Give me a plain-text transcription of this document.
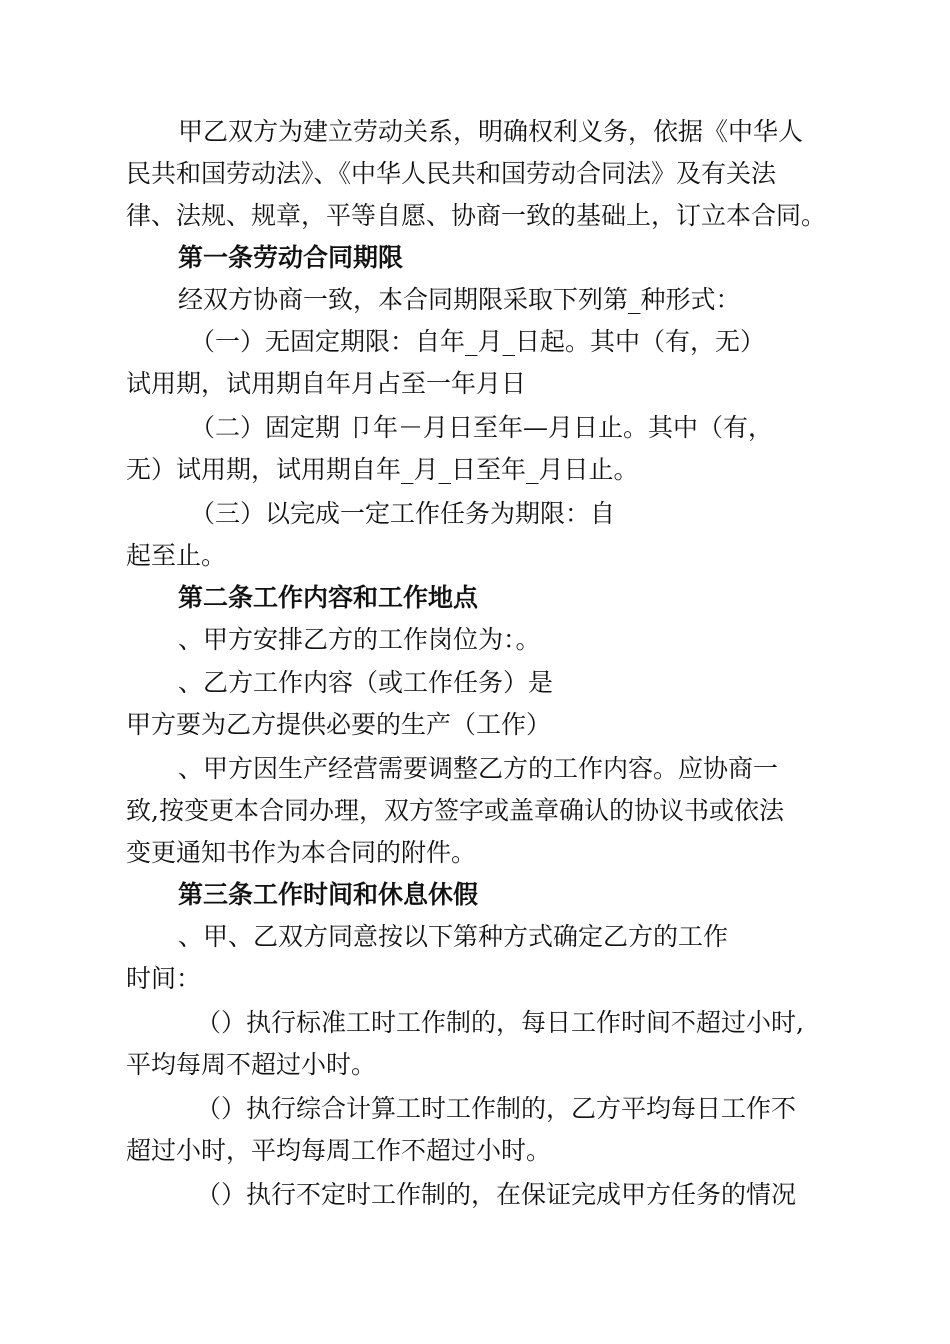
甲乙双方为建立劳动关系，明确权利义务，依据《中华人
民共和国劳动法》、《中华人民共和国劳动合同法》及有关法
律、法规、规章，平等自愿、协商一致的基础上，订立本合同。
第一条劳动合同期限
经双方协商一致，本合同期限采取下列第_种形式：
（一）无固定期限：自年_月_日起。其中（有，无）
试用期，试用期自年月占至一年月日
（二）固定期 卩年－月日至年—月日止。其中（有，
无）试用期，试用期自年_月_日至年_月日止。
（三）以完成一定工作任务为期限：自
起至止。
第二条工作内容和工作地点
、甲方安排乙方的工作岗位为：。
、乙方工作内容（或工作任务）是
甲方要为乙方提供必要的生产（工作）
、甲方因生产经营需要调整乙方的工作内容。应协商一
致,按变更本合同办理，双方签字或盖章确认的协议书或依法
变更通知书作为本合同的附件。
第三条工作时间和休息休假
、甲、乙双方同意按以下第种方式确定乙方的工作
时间：
（）执行标准工时工作制的，每日工作时间不超过小时,
平均每周不超过小时。
（）执行综合计算工时工作制的，乙方平均每日工作不
超过小时，平均每周工作不超过小时。
（）执行不定时工作制的，在保证完成甲方任务的情况
